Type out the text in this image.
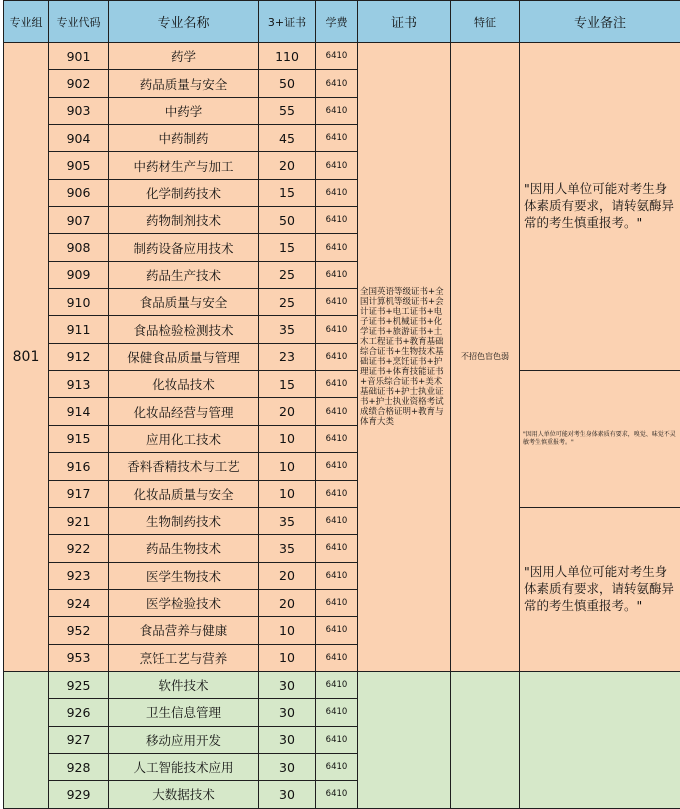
专业组	专业代码	专业名称	3+证书	学费	证书	特征	专业备注
801	901	药学	110	6410	全国英语等级证书+全国计算机等级证书+会计证书+电工证书+电子证书+机械证书+化学证书+旅游证书+土木工程证书+教育基础综合证书+生物技术基础证书+烹饪证书+护理证书+体育技能证书+音乐综合证书+美术基础证书+护士执业证书+护士执业资格考试成绩合格证明+教育与体育大类	不招色盲色弱	"因用人单位可能对考生身体素质有要求，请转氨酶异常的考生慎重报考。"
	902	药品质量与安全	50	6410			
	903	中药学	55	6410			
	904	中药制药	45	6410			
	905	中药材生产与加工	20	6410			
	906	化学制药技术	15	6410			
	907	药物制剂技术	50	6410			
	908	制药设备应用技术	15	6410			
	909	药品生产技术	25	6410			
	910	食品质量与安全	25	6410			
	911	食品检验检测技术	35	6410			
	912	保健食品质量与管理	23	6410			
	913	化妆品技术	15	6410			"因用人单位可能对考生身体素质有要求，嗅觉、味觉不灵敏考生慎重报考。"
	914	化妆品经营与管理	20	6410			
	915	应用化工技术	10	6410			
	916	香料香精技术与工艺	10	6410			
	917	化妆品质量与安全	10	6410			
	921	生物制药技术	35	6410			"因用人单位可能对考生身体素质有要求，请转氨酶异常的考生慎重报考。"
	922	药品生物技术	35	6410			
	923	医学生物技术	20	6410			
	924	医学检验技术	20	6410			
	952	食品营养与健康	10	6410			
	953	烹饪工艺与营养	10	6410			
	925	软件技术	30	6410			
	926	卫生信息管理	30	6410			
	927	移动应用开发	30	6410			
	928	人工智能技术应用	30	6410			
	929	大数据技术	30	6410			
